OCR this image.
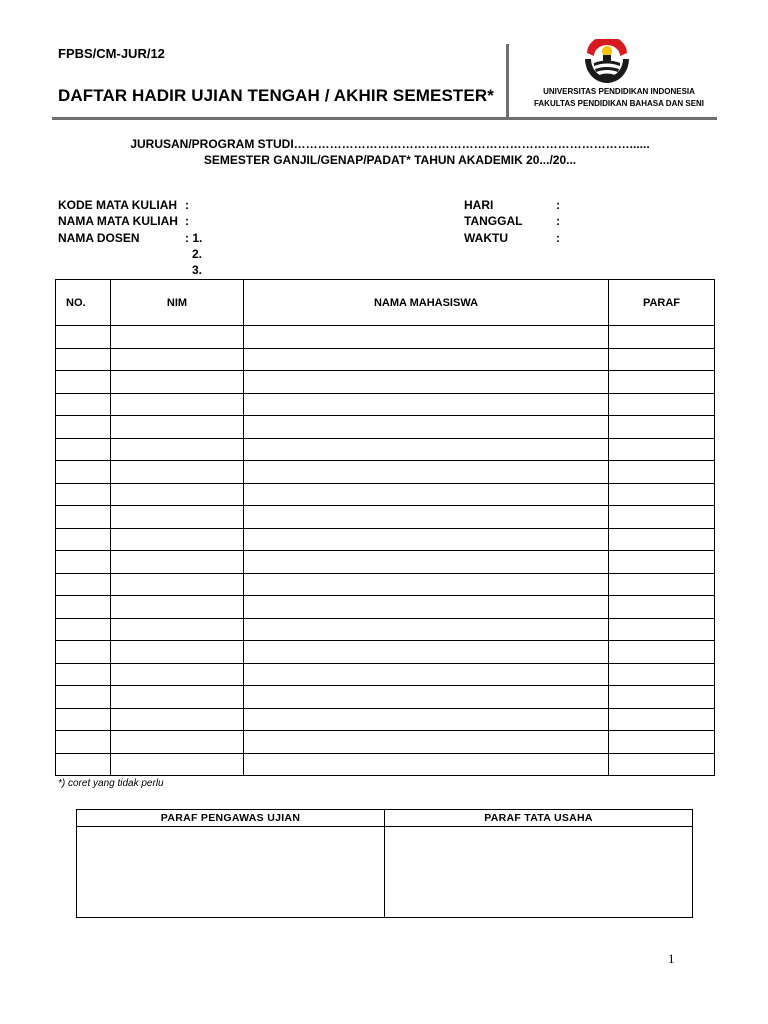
FPBS/CM-JUR/12
DAFTAR HADIR UJIAN TENGAH / AKHIR SEMESTER*	UNIVERSITAS PENDIDIKAN INDONESIA
FAKULTAS PENDIDIKAN BAHASA DAN SENI
JURUSAN/PROGRAM STUDI…………………………………………………………………………......
SEMESTER GANJIL/GENAP/PADAT* TAHUN AKADEMIK 20.../20...
KODE MATA KULIAH :
NAMA MATA KULIAH :
NAMA DOSEN	: 1.
2.
3.
HARI	:
TANGGAL	:
WAKTU	:
NO.	NIM	NAMA MAHASISWA	PARAF

*) coret yang tidak perlu
PARAF PENGAWAS UJIAN	PARAF TATA USAHA

1
